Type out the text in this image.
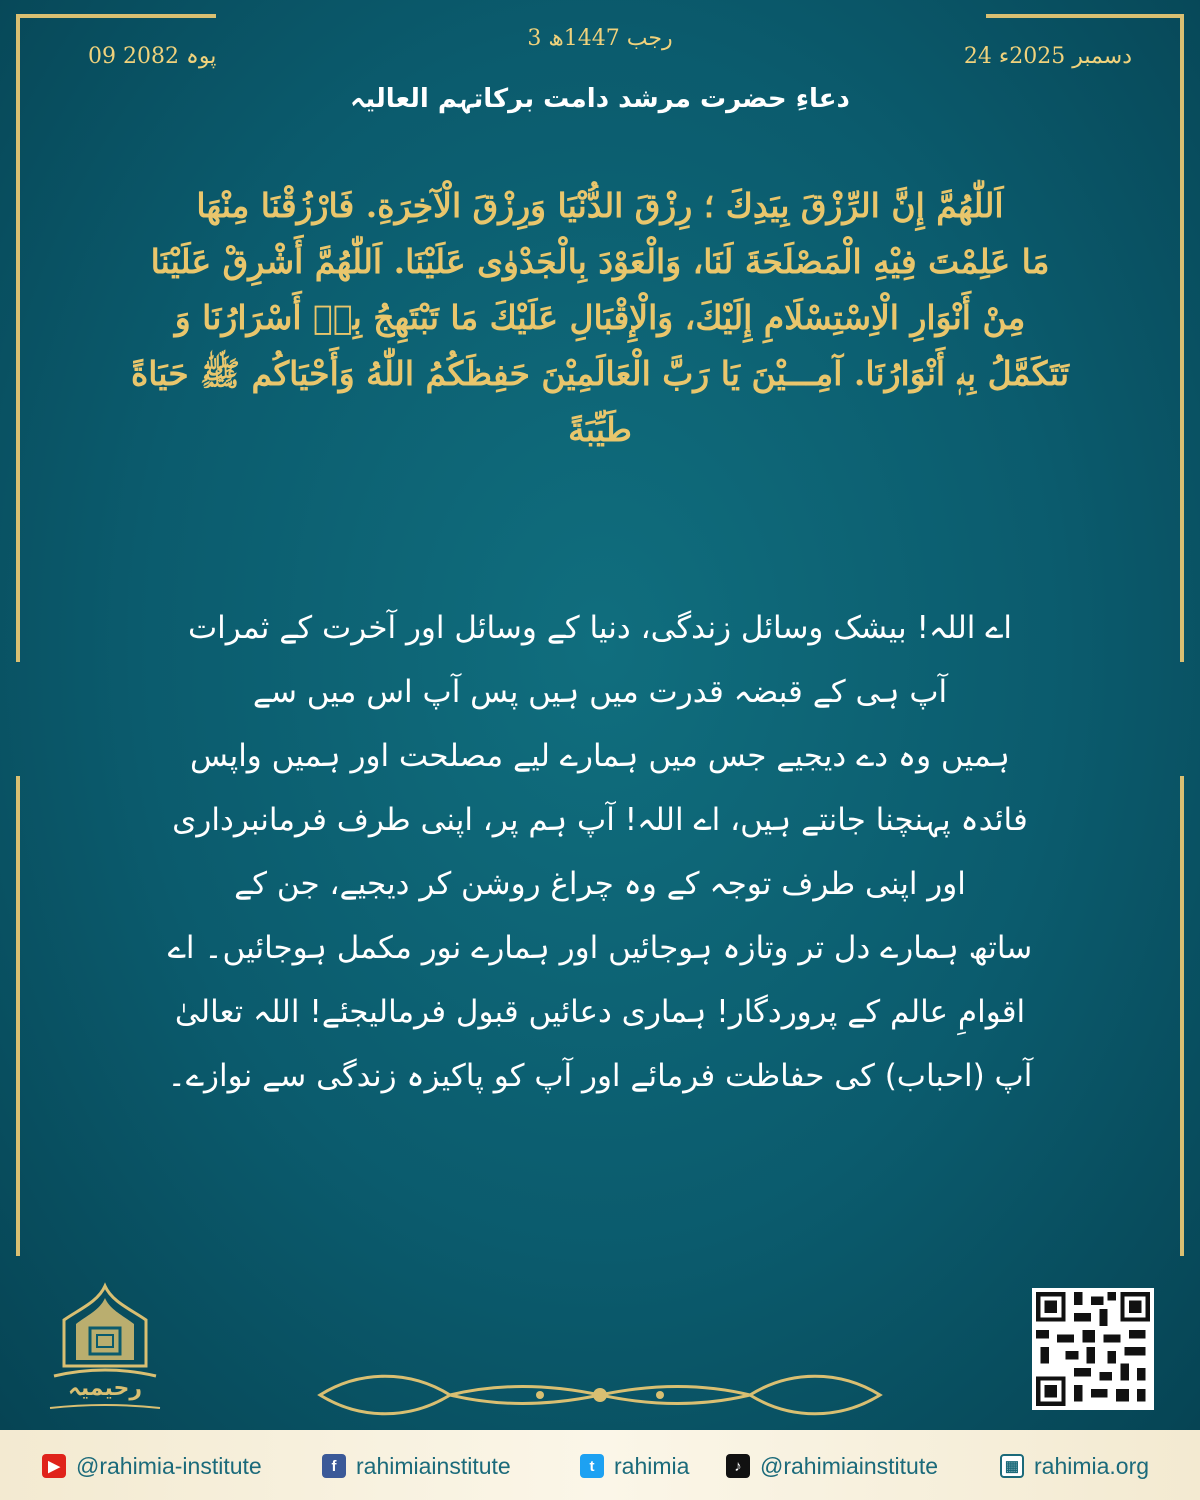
09 پوہ 2082
3 رجب 1447ھ
24 دسمبر 2025ء
دعاءِ حضرت مرشد دامت برکاتہم العالیہ
اَللّٰهُمَّ إِنَّ الرِّزْقَ بِيَدِكَ ؛ رِزْقَ الدُّنْيَا وَرِزْقَ الْآخِرَةِ. فَارْزُقْنَا مِنْهَا
مَا عَلِمْتَ فِيْهِ الْمَصْلَحَةَ لَنَا، وَالْعَوْدَ بِالْجَدْوٰى عَلَيْنَا. اَللّٰهُمَّ أَشْرِقْ عَلَيْنَا
مِنْ أَنْوَارِ الْاِسْتِسْلَامِ إِلَيْكَ، وَالْإِقْبَالِ عَلَيْكَ مَا تَبْتَهِجُ بِهٖ أَسْرَارُنَا وَ
تَتَكَمَّلُ بِهٖ أَنْوَارُنَا. آمِـــيْنَ يَا رَبَّ الْعَالَمِيْنَ حَفِظَكُمُ اللّٰهُ وَأَحْيَاكُم ﷺ حَيَاةً
طَيِّبَةً
اے اللہ! بیشک وسائل زندگی، دنیا کے وسائل اور آخرت کے ثمرات
آپ ہی کے قبضہ قدرت میں ہیں پس آپ اس میں سے
ہمیں وہ دے دیجیے جس میں ہمارے لیے مصلحت اور ہمیں واپس
فائدہ پہنچنا جانتے ہیں، اے اللہ! آپ ہم پر، اپنی طرف فرمانبرداری
اور اپنی طرف توجہ کے وہ چراغ روشن کر دیجیے، جن کے
ساتھ ہمارے دل تر وتازہ ہوجائیں اور ہمارے نور مکمل ہوجائیں۔ اے
اقوامِ عالم کے پروردگار! ہماری دعائیں قبول فرمالیجئے! اللہ تعالیٰ
آپ (احباب) کی حفاظت فرمائے اور آپ کو پاکیزہ زندگی سے نوازے۔
رحیمیہ
▶ @rahimia-institute	f rahimiainstitute	t rahimia	♪ @rahimiainstitute	▦ rahimia.org
